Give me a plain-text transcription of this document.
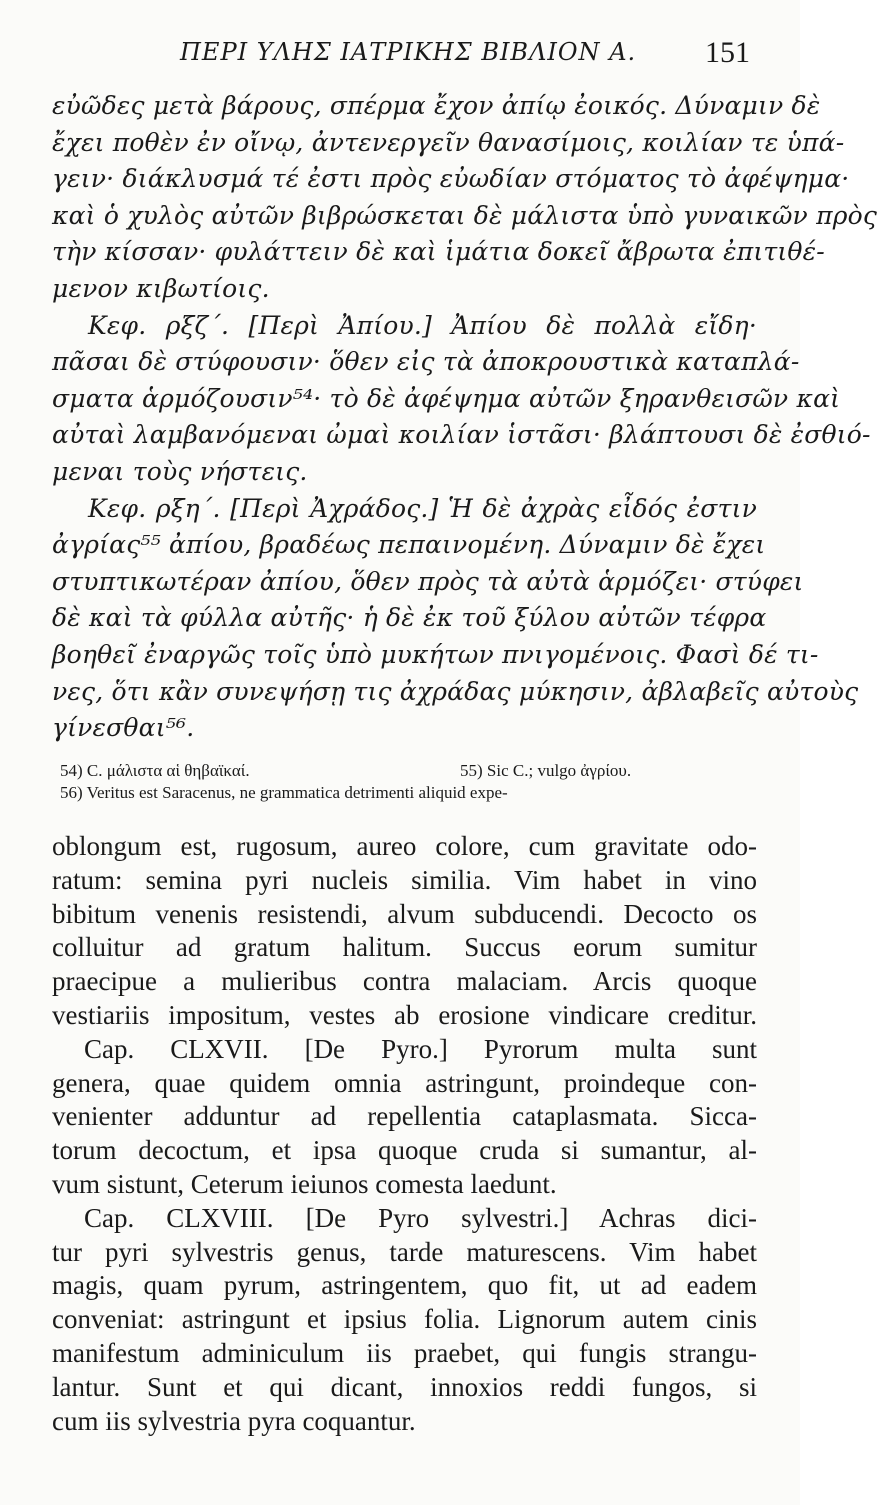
ΠΕΡΙ ΥΛΗΣ ΙΑΤΡΙΚΗΣ ΒΙΒΛΙΟΝ Α. 151
εὐῶδες μετὰ βάρους, σπέρμα ἔχον ἀπίῳ ἐοικός. Δύναμιν δὲ
ἔχει ποθὲν ἐν οἴνῳ, ἀντενεργεῖν θανασίμοις, κοιλίαν τε ὑπά-
γειν· διάκλυσμά τέ ἐστι πρὸς εὐωδίαν στόματος τὸ ἀφέψημα·
καὶ ὁ χυλὸς αὐτῶν βιβρώσκεται δὲ μάλιστα ὑπὸ γυναικῶν πρὸς
τὴν κίσσαν· φυλάττειν δὲ καὶ ἱμάτια δοκεῖ ἄβρωτα ἐπιτιθέ-
μενον κιβωτίοις.
Κεφ. ρξζ΄. [Περὶ Ἀπίου.] Ἀπίου δὲ πολλὰ εἴδη·
πᾶσαι δὲ στύφουσιν· ὅθεν εἰς τὰ ἀποκρουστικὰ καταπλά-
σματα ἁρμόζουσιν⁵⁴· τὸ δὲ ἀφέψημα αὐτῶν ξηρανθεισῶν καὶ
αὐταὶ λαμβανόμεναι ὠμαὶ κοιλίαν ἱστᾶσι· βλάπτουσι δὲ ἐσθιό-
μεναι τοὺς νήστεις.
Κεφ. ρξη΄. [Περὶ Ἀχράδος.] Ἡ δὲ ἀχρὰς εἶδός ἐστιν
ἀγρίας⁵⁵ ἀπίου, βραδέως πεπαινομένη. Δύναμιν δὲ ἔχει
στυπτικωτέραν ἀπίου, ὅθεν πρὸς τὰ αὐτὰ ἁρμόζει· στύφει
δὲ καὶ τὰ φύλλα αὐτῆς· ἡ δὲ ἐκ τοῦ ξύλου αὐτῶν τέφρα
βοηθεῖ ἐναργῶς τοῖς ὑπὸ μυκήτων πνιγομένοις. Φασὶ δέ τι-
νες, ὅτι κἂν συνεψήσῃ τις ἀχράδας μύκησιν, ἀβλαβεῖς αὐτοὺς
γίνεσθαι⁵⁶.
54) C. μάλιστα αἱ θηβαϊκαί.	55) Sic C.; vulgo ἀγρίου.
56) Veritus est Saracenus, ne grammatica detrimenti aliquid expe-
oblongum est, rugosum, aureo colore, cum gravitate odo-
ratum: semina pyri nucleis similia. Vim habet in vino
bibitum venenis resistendi, alvum subducendi. Decocto os
colluitur ad gratum halitum. Succus eorum sumitur
praecipue a mulieribus contra malaciam. Arcis quoque
vestiariis impositum, vestes ab erosione vindicare creditur.
Cap. CLXVII. [De Pyro.] Pyrorum multa sunt
genera, quae quidem omnia astringunt, proindeque con-
venienter adduntur ad repellentia cataplasmata. Sicca-
torum decoctum, et ipsa quoque cruda si sumantur, al-
vum sistunt, Ceterum ieiunos comesta laedunt.
Cap. CLXVIII. [De Pyro sylvestri.] Achras dici-
tur pyri sylvestris genus, tarde maturescens. Vim habet
magis, quam pyrum, astringentem, quo fit, ut ad eadem
conveniat: astringunt et ipsius folia. Lignorum autem cinis
manifestum adminiculum iis praebet, qui fungis strangu-
lantur. Sunt et qui dicant, innoxios reddi fungos, si
cum iis sylvestria pyra coquantur.
